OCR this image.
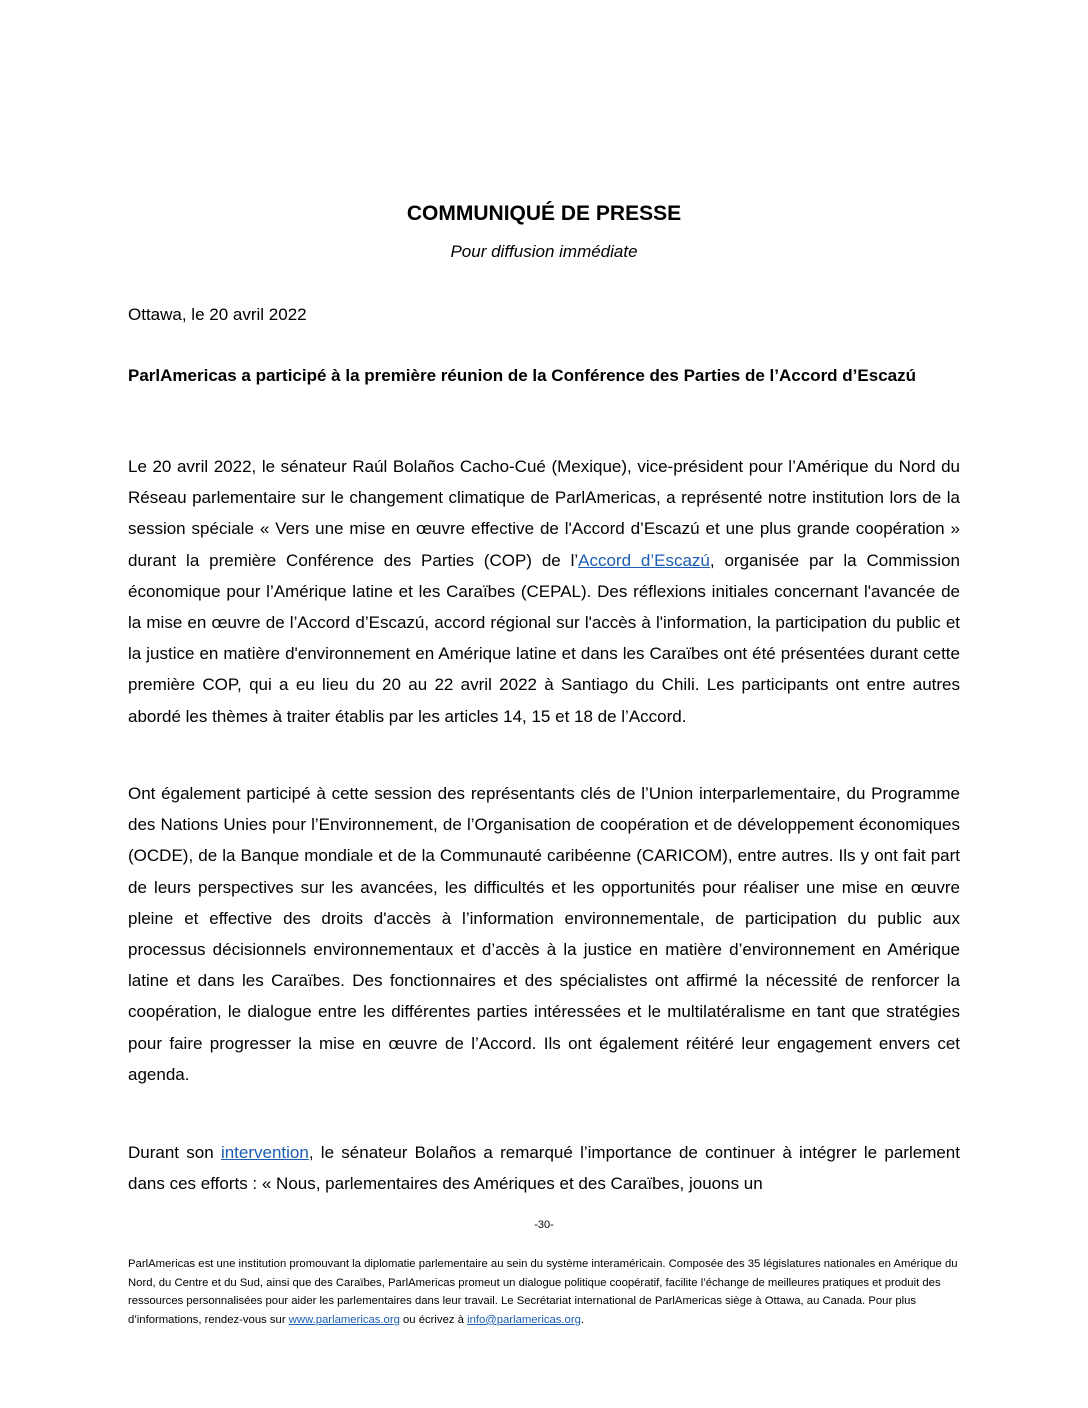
COMMUNIQUÉ DE PRESSE

Pour diffusion immédiate

Ottawa, le 20 avril 2022

ParlAmericas a participé à la première réunion de la Conférence des Parties de l’Accord d’Escazú

Le 20 avril 2022, le sénateur Raúl Bolaños Cacho-Cué (Mexique), vice-président pour l’Amérique du Nord du Réseau parlementaire sur le changement climatique de ParlAmericas, a représenté notre institution lors de la session spéciale « Vers une mise en œuvre effective de l'Accord d’Escazú et une plus grande coopération » durant la première Conférence des Parties (COP) de l’Accord d’Escazú, organisée par la Commission économique pour l’Amérique latine et les Caraïbes (CEPAL). Des réflexions initiales concernant l'avancée de la mise en œuvre de l’Accord d’Escazú, accord régional sur l'accès à l'information, la participation du public et la justice en matière d'environnement en Amérique latine et dans les Caraïbes ont été présentées durant cette première COP, qui a eu lieu du 20 au 22 avril 2022 à Santiago du Chili. Les participants ont entre autres abordé les thèmes à traiter établis par les articles 14, 15 et 18 de l’Accord.

Ont également participé à cette session des représentants clés de l’Union interparlementaire, du Programme des Nations Unies pour l’Environnement, de l’Organisation de coopération et de développement économiques (OCDE), de la Banque mondiale et de la Communauté caribéenne (CARICOM), entre autres. Ils y ont fait part de leurs perspectives sur les avancées, les difficultés et les opportunités pour réaliser une mise en œuvre pleine et effective des droits d'accès à l’information environnementale, de participation du public aux processus décisionnels environnementaux et d’accès à la justice en matière d’environnement en Amérique latine et dans les Caraïbes. Des fonctionnaires et des spécialistes ont affirmé la nécessité de renforcer la coopération, le dialogue entre les différentes parties intéressées et le multilatéralisme en tant que stratégies pour faire progresser la mise en œuvre de l’Accord. Ils ont également réitéré leur engagement envers cet agenda.

Durant son intervention, le sénateur Bolaños a remarqué l’importance de continuer à intégrer le parlement dans ces efforts : « Nous, parlementaires des Amériques et des Caraïbes, jouons un

-30-

ParlAmericas est une institution promouvant la diplomatie parlementaire au sein du système interaméricain. Composée des 35 législatures nationales en Amérique du Nord, du Centre et du Sud, ainsi que des Caraïbes, ParlAmericas promeut un dialogue politique coopératif, facilite l’échange de meilleures pratiques et produit des ressources personnalisées pour aider les parlementaires dans leur travail. Le Secrétariat international de ParlAmericas siège à Ottawa, au Canada. Pour plus d’informations, rendez-vous sur www.parlamericas.org ou écrivez à info@parlamericas.org.
